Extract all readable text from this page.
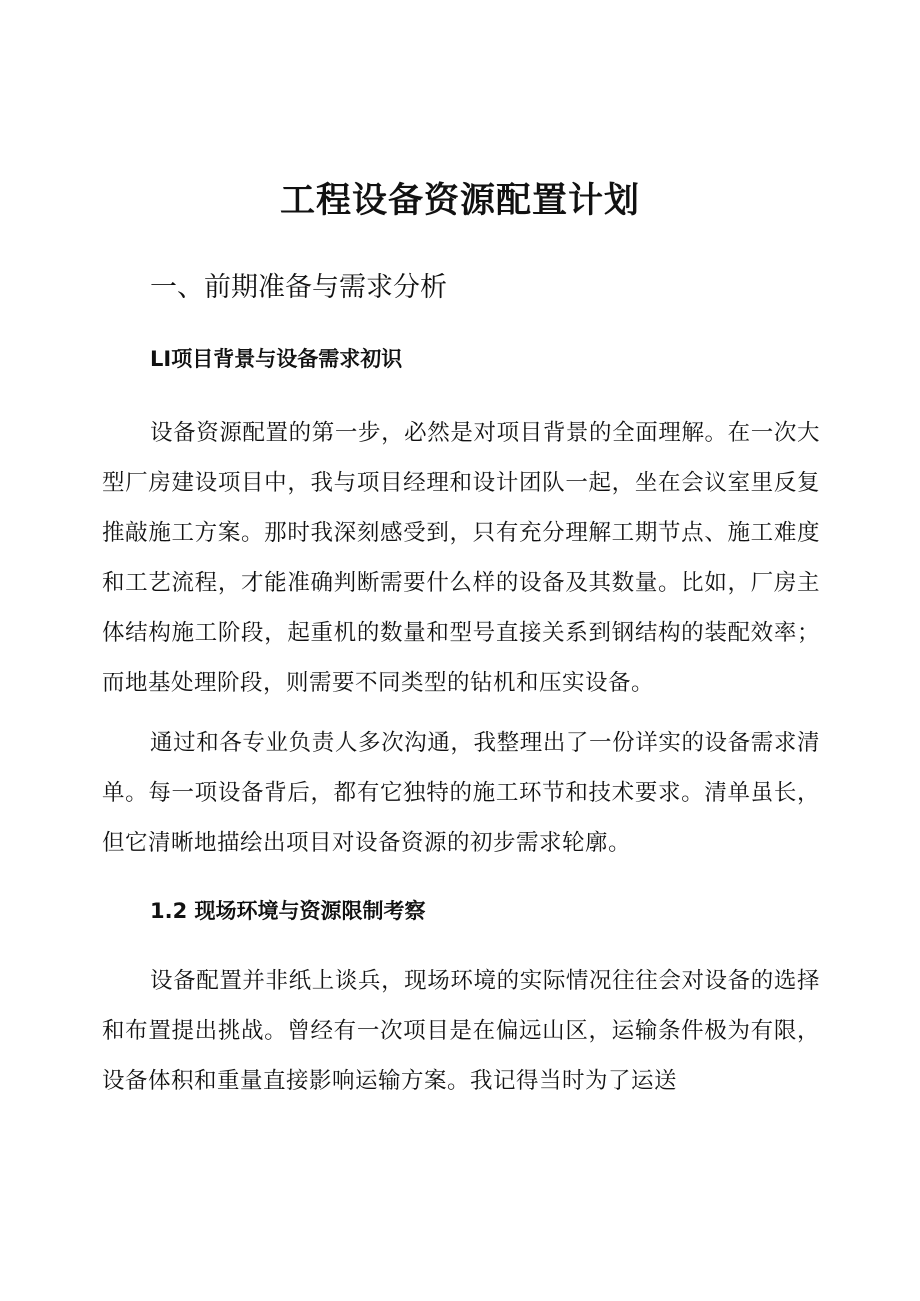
工程设备资源配置计划
一、前期准备与需求分析
LI项目背景与设备需求初识

设备资源配置的第一步，必然是对项目背景的全面理解。在一次大型厂房建设项目中，我与项目经理和设计团队一起，坐在会议室里反复推敲施工方案。那时我深刻感受到，只有充分理解工期节点、施工难度和工艺流程，才能准确判断需要什么样的设备及其数量。比如，厂房主体结构施工阶段，起重机的数量和型号直接关系到钢结构的装配效率；而地基处理阶段，则需要不同类型的钻机和压实设备。

通过和各专业负责人多次沟通，我整理出了一份详实的设备需求清单。每一项设备背后，都有它独特的施工环节和技术要求。清单虽长，但它清晰地描绘出项目对设备资源的初步需求轮廓。

1.2 现场环境与资源限制考察

设备配置并非纸上谈兵，现场环境的实际情况往往会对设备的选择和布置提出挑战。曾经有一次项目是在偏远山区，运输条件极为有限，设备体积和重量直接影响运输方案。我记得当时为了运送
